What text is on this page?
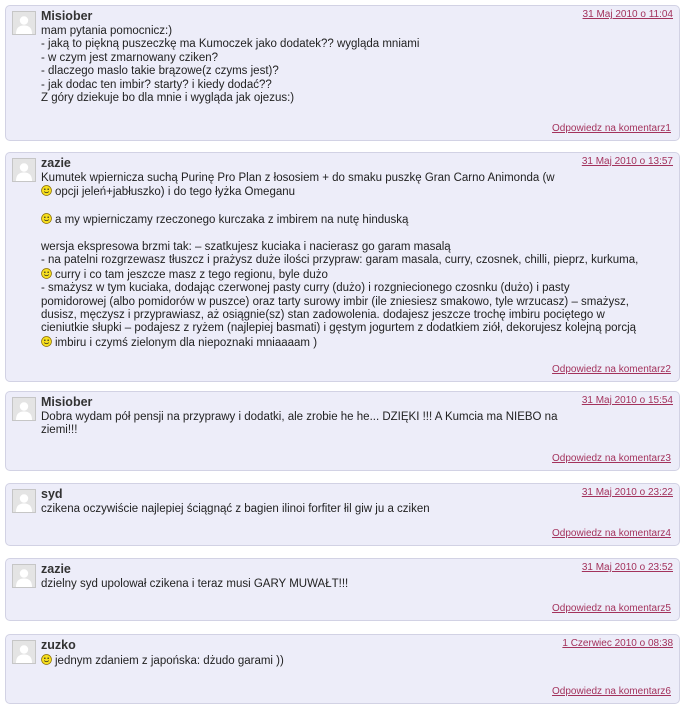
Misiober	31 Maj 2010 o 11:04
mam pytania pomocnicz:)
- jaką to piękną puszeczkę ma Kumoczek jako dodatek?? wygląda mniami
- w czym jest zmarnowany cziken?
- dlaczego maslo takie brązowe(z czyms jest)?
- jak dodac ten imbir? starty? i kiedy dodać??
Z góry dziekuje bo dla mnie i wygląda jak ojezus:)
Odpowiedz na komentarz1
zazie	31 Maj 2010 o 13:57
Kumutek wpiernicza suchą Purinę Pro Plan z łososiem + do smaku puszkę Gran Carno Animonda (w
opcji jeleń+jabłuszko) i do tego łyżka Omeganu
a my wpierniczamy rzeczonego kurczaka z imbirem na nutę hinduską
wersja ekspresowa brzmi tak: – szatkujesz kuciaka i nacierasz go garam masalą
- na patelni rozgrzewasz tłuszcz i prażysz duże ilości przypraw: garam masala, curry, czosnek, chilli, pieprz, kurkuma,
curry i co tam jeszcze masz z tego regionu, byle dużo
- smażysz w tym kuciaka, dodając czerwonej pasty curry (dużo) i rozgniecionego czosnku (dużo) i pasty
pomidorowej (albo pomidorów w puszce) oraz tarty surowy imbir (ile zniesiesz smakowo, tyle wrzucasz) – smażysz,
dusisz, męczysz i przyprawiasz, aż osiągnie(sz) stan zadowolenia. dodajesz jeszcze trochę imbiru pociętego w
cieniutkie słupki – podajesz z ryżem (najlepiej basmati) i gęstym jogurtem z dodatkiem ziół, dekorujesz kolejną porcją
imbiru i czymś zielonym dla niepoznaki mniaaaam )
Odpowiedz na komentarz2
Misiober	31 Maj 2010 o 15:54
Dobra wydam pół pensji na przyprawy i dodatki, ale zrobie he he... DZIĘKI !!! A Kumcia ma NIEBO na
ziemi!!!
Odpowiedz na komentarz3
syd	31 Maj 2010 o 23:22
czikena oczywiście najlepiej ściągnąć z bagien ilinoi forfiter łil giw ju a cziken
Odpowiedz na komentarz4
zazie	31 Maj 2010 o 23:52
dzielny syd upolował czikena i teraz musi GARY MUWAŁT!!!
Odpowiedz na komentarz5
zuzko	1 Czerwiec 2010 o 08:38
jednym zdaniem z japońska: dżudo garami ))
Odpowiedz na komentarz6
